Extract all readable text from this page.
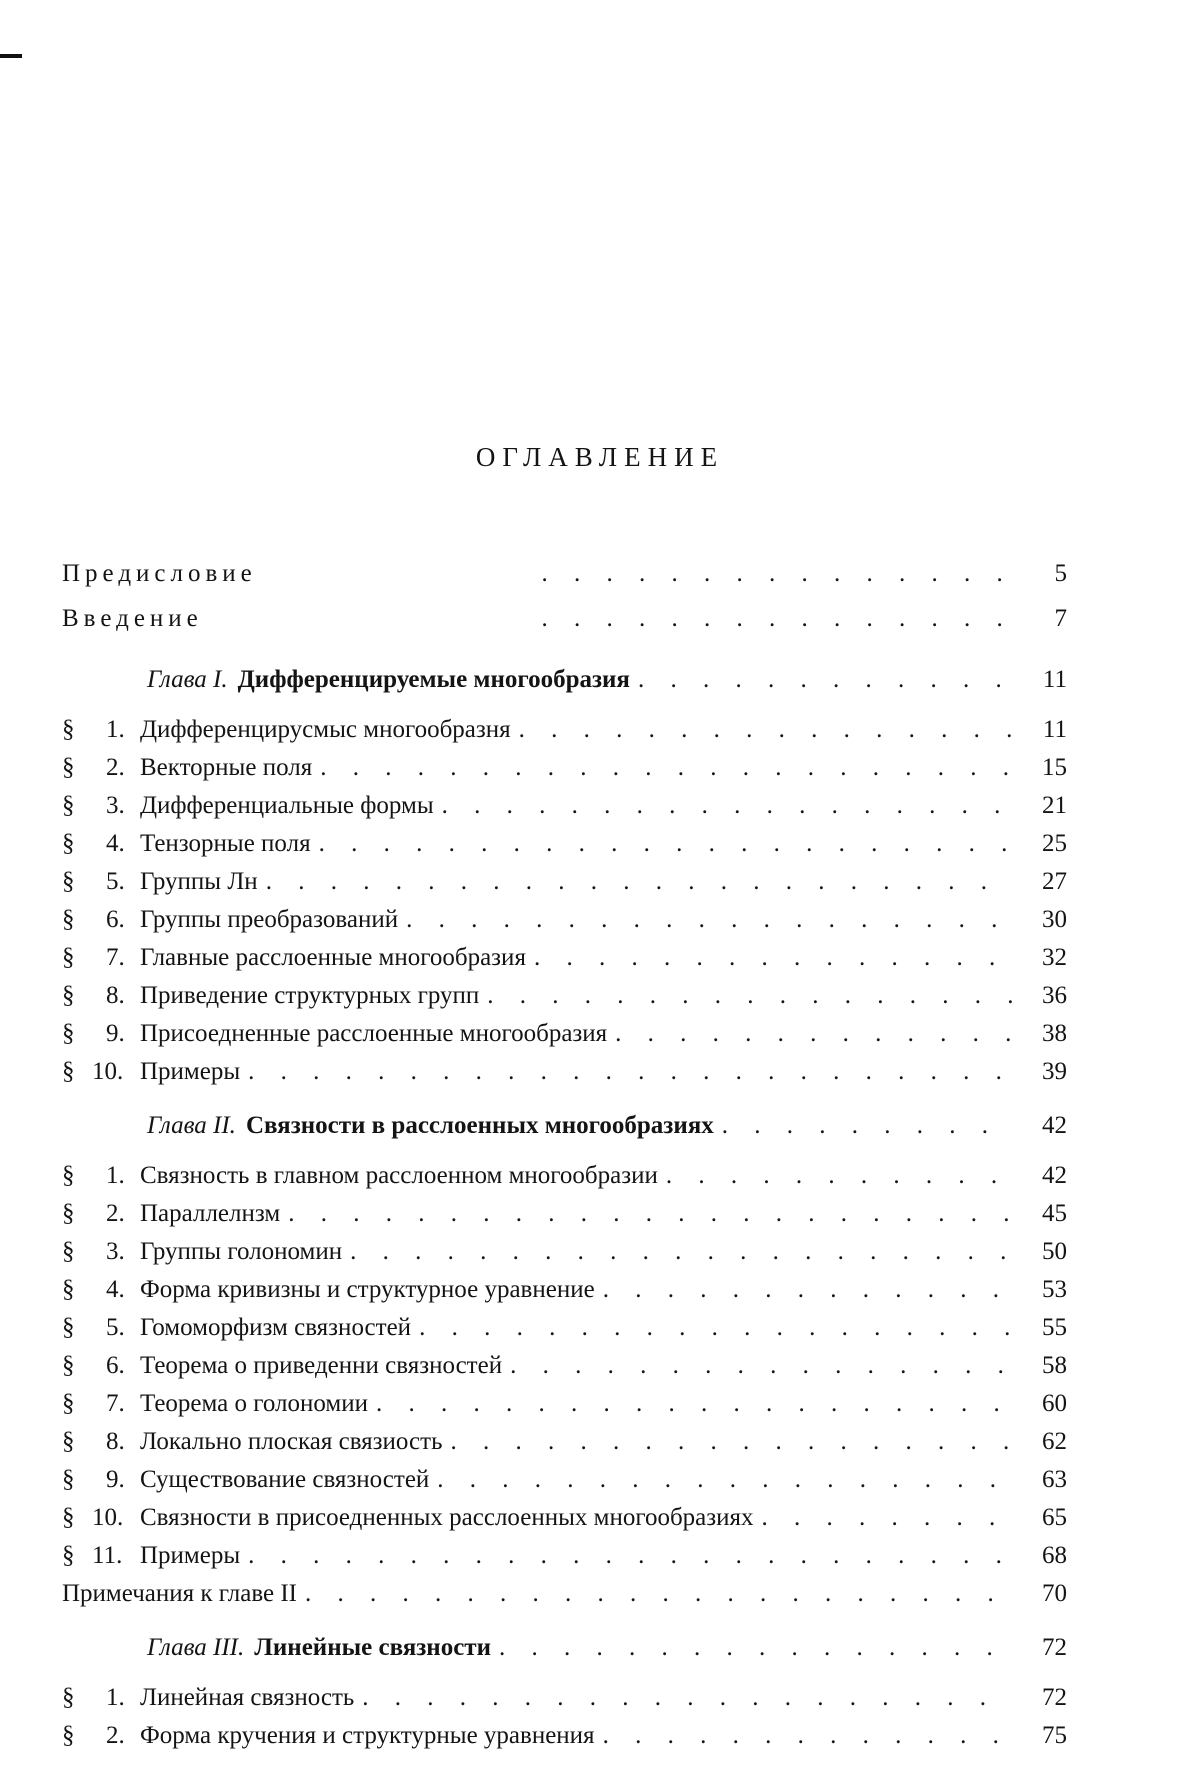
ОГЛАВЛЕНИЕ
Предисловие . . .	5
Введение . . .	7
Глава I. Дифференцируемые многообразия . . .	11
§	1. Дифференцирусмыс многообразня . . .	11
§	2. Векторные поля . . .	15
§	3. Дифференциальные формы . . .	21
§	4. Тензорные поля . . .	25
§	5. Группы Лн . . .	27
§	6. Группы преобразований . . .	30
§	7. Главные расслоенные многообразия . . .	32
§	8. Приведение структурных групп . . .	36
§	9. Присоедненные расслоенные многообразия . . .	38
§ 10. Примеры . . .	39
Глава II. Связности в расслоенных многообразиях . . .	42
§	1. Связность в главном расслоенном многообразии . . .	42
§	2. Параллелнзм . . .	45
§	3. Группы голономин . . .	50
§	4. Форма кривизны и структурное уравнение . . .	53
§	5. Гомоморфизм связностей . . .	55
§	6. Теорема о приведенни связностей . . .	58
§	7. Теорема о голономии . . .	60
§	8. Локально плоская связиость . . .	62
§	9. Существование связностей . . .	63
§ 10. Связности в присоедненных расслоенных многообразиях . . .	65
§ 11. Примеры . . .	68
Примечания к главе II . . .	70
Глава III. Линейные связности . . .	72
§	1. Линейная связность . . .	72
§	2. Форма кручения и структурные уравнения . . .	75
